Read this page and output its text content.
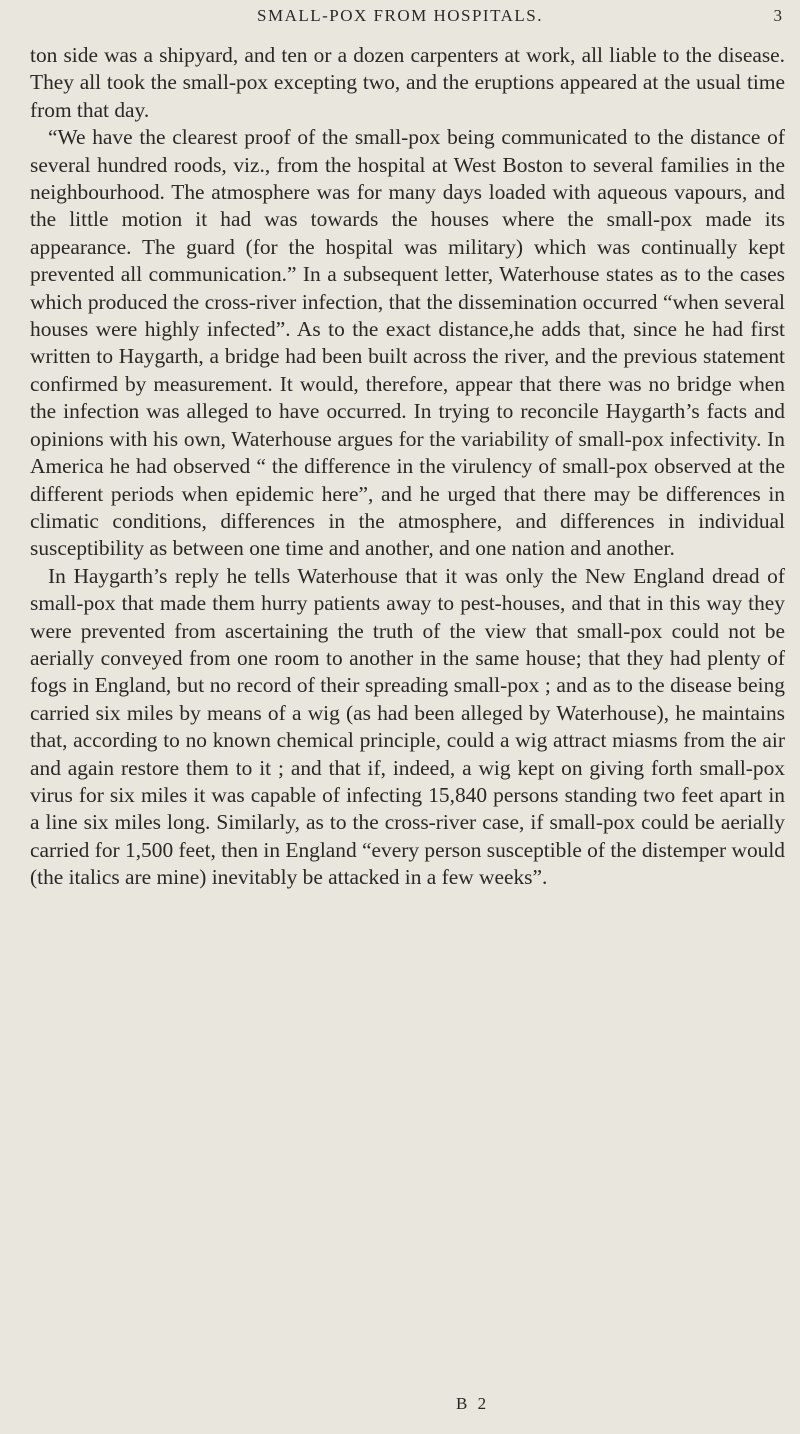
SMALL-POX FROM HOSPITALS.	3

ton side was a shipyard, and ten or a dozen carpenters at work, all liable to the disease. They all took the small-pox excepting two, and the eruptions appeared at the usual time from that day.

“We have the clearest proof of the small-pox being communicated to the distance of several hundred roods, viz., from the hospital at West Boston to several families in the neighbourhood. The atmosphere was for many days loaded with aqueous vapours, and the little motion it had was towards the houses where the small-pox made its appearance. The guard (for the hospital was military) which was continually kept prevented all communication.” In a subsequent letter, Waterhouse states as to the cases which produced the cross-river infection, that the dissemination occurred “when several houses were highly infected”. As to the exact distance,he adds that, since he had first written to Haygarth, a bridge had been built across the river, and the previous statement confirmed by measurement. It would, therefore, appear that there was no bridge when the infection was alleged to have occurred. In trying to reconcile Haygarth’s facts and opinions with his own, Waterhouse argues for the variability of small-pox infectivity. In America he had observed “ the difference in the virulency of small-pox observed at the different periods when epidemic here”, and he urged that there may be differences in climatic conditions, differences in the atmosphere, and differences in individual susceptibility as between one time and another, and one nation and another.

In Haygarth’s reply he tells Waterhouse that it was only the New England dread of small-pox that made them hurry patients away to pest-houses, and that in this way they were prevented from ascertaining the truth of the view that small-pox could not be aerially conveyed from one room to another in the same house; that they had plenty of fogs in England, but no record of their spreading small-pox ; and as to the disease being carried six miles by means of a wig (as had been alleged by Waterhouse), he maintains that, according to no known chemical principle, could a wig attract miasms from the air and again restore them to it ; and that if, indeed, a wig kept on giving forth small-pox virus for six miles it was capable of infecting 15,840 persons standing two feet apart in a line six miles long. Similarly, as to the cross-river case, if small-pox could be aerially carried for 1,500 feet, then in England “every person susceptible of the distemper would (the italics are mine) inevitably be attacked in a few weeks”.

B 2
